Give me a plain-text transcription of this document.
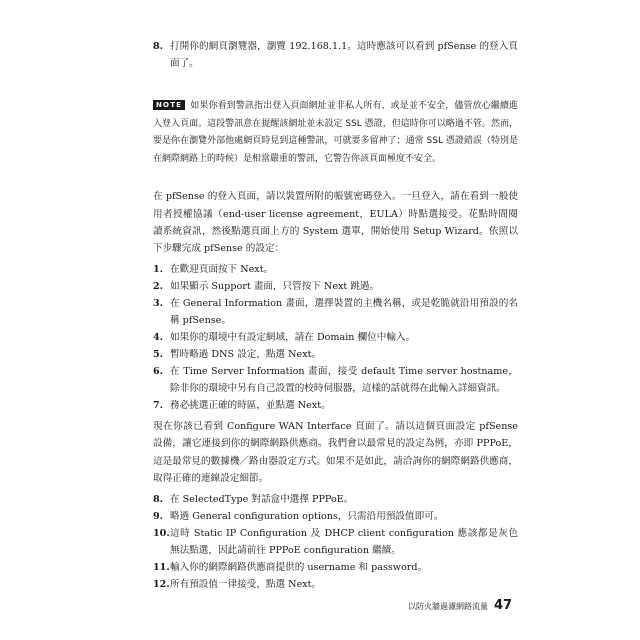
8. 打開你的網頁瀏覽器，瀏覽 192.168.1.1。這時應該可以看到 pfSense 的登入頁面了。
NOTE 如果你看到警訊指出登入頁面網址並非私人所有、或是並不安全，儘管放心繼續進入登入頁面。這段警訊意在提醒該網址並未設定 SSL 憑證，但這時你可以略過不管。然而，要是你在瀏覽外部他處網頁時見到這種警訊，可就要多留神了；通常 SSL 憑證錯誤（特別是在網際網路上的時候）是相當嚴重的警訊，它警告你該頁面極度不安全。

在 pfSense 的登入頁面，請以裝置所附的帳號密碼登入。一旦登入，請在看到一般使用者授權協議（end-user license agreement，EULA）時點選接受。花點時間閱讀系統資訊，然後點選頁面上方的 System 選單，開始使用 Setup Wizard。依照以下步驟完成 pfSense 的設定：

1. 在歡迎頁面按下 Next。
2. 如果顯示 Support 畫面，只管按下 Next 跳過。
3. 在 General Information 畫面，選擇裝置的主機名稱，或是乾脆就沿用預設的名稱 pfSense。
4. 如果你的環境中有設定網域，請在 Domain 欄位中輸入。
5. 暫時略過 DNS 設定，點選 Next。
6. 在 Time Server Information 畫面，接受 default Time server hostname，除非你的環境中另有自己設置的校時伺服器，這樣的話就得在此輸入詳細資訊。
7. 務必挑選正確的時區，並點選 Next。

現在你該已看到 Configure WAN Interface 頁面了。請以這個頁面設定 pfSense 設備，讓它連接到你的網際網路供應商。我們會以最常見的設定為例，亦即 PPPoE，這是最常見的數據機／路由器設定方式。如果不是如此，請洽詢你的網際網路供應商，取得正確的連線設定細節。

8. 在 SelectedType 對話盒中選擇 PPPoE。
9. 略過 General configuration options，只需沿用預設值即可。
10. 這時 Static IP Configuration 及 DHCP client configuration 應該都是灰色無法點選，因此請前往 PPPoE configuration 繼續。
11. 輸入你的網際網路供應商提供的 username 和 password。
12. 所有預設值一律接受，點選 Next。
以防火牆過濾網路流量 47
